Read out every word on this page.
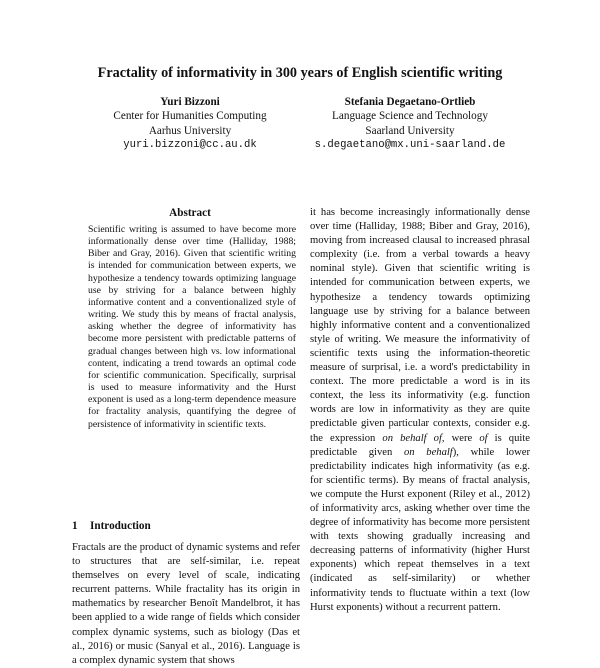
Fractality of informativity in 300 years of English scientific writing
Yuri Bizzoni
Center for Humanities Computing
Aarhus University
yuri.bizzoni@cc.au.dk
Stefania Degaetano-Ortlieb
Language Science and Technology
Saarland University
s.degaetano@mx.uni-saarland.de
Abstract
Scientific writing is assumed to have become more informationally dense over time (Halliday, 1988; Biber and Gray, 2016). Given that scientific writing is intended for communication between experts, we hypothesize a tendency towards optimizing language use by striving for a balance between highly informative content and a conventionalized style of writing. We study this by means of fractal analysis, asking whether the degree of informativity has become more persistent with predictable patterns of gradual changes between high vs. low informational content, indicating a trend towards an optimal code for scientific communication. Specifically, surprisal is used to measure informativity and the Hurst exponent is used as a long-term dependence measure for fractality analysis, quantifying the degree of persistence of informativity in scientific texts.
1 Introduction
Fractals are the product of dynamic systems and refer to structures that are self-similar, i.e. repeat themselves on every level of scale, indicating recurrent patterns. While fractality has its origin in mathematics by researcher Benoît Mandelbrot, it has been applied to a wide range of fields which consider complex dynamic systems, such as biology (Das et al., 2016) or music (Sanyal et al., 2016). Language is a complex dynamic system that shows

it has become increasingly informationally dense over time (Halliday, 1988; Biber and Gray, 2016), moving from increased clausal to increased phrasal complexity (i.e. from a verbal towards a heavy nominal style). Given that scientific writing is intended for communication between experts, we hypothesize a tendency towards optimizing language use by striving for a balance between highly informative content and a conventionalized style of writing. We measure the informativity of scientific texts using the information-theoretic measure of surprisal, i.e. a word's predictability in context. The more predictable a word is in its context, the less its informativity (e.g. function words are low in informativity as they are quite predictable given particular contexts, consider e.g. the expression on behalf of, were of is quite predictable given on behalf), while lower predictability indicates high informativity (as e.g. for scientific terms). By means of fractal analysis, we compute the Hurst exponent (Riley et al., 2012) of informativity arcs, asking whether over time the degree of informativity has become more persistent with texts showing gradually increasing and decreasing patterns of informativity (higher Hurst exponents) which repeat themselves in a text (indicated as self-similarity) or whether informativity tends to fluctuate within a text (low Hurst exponents) without a recurrent pattern.
